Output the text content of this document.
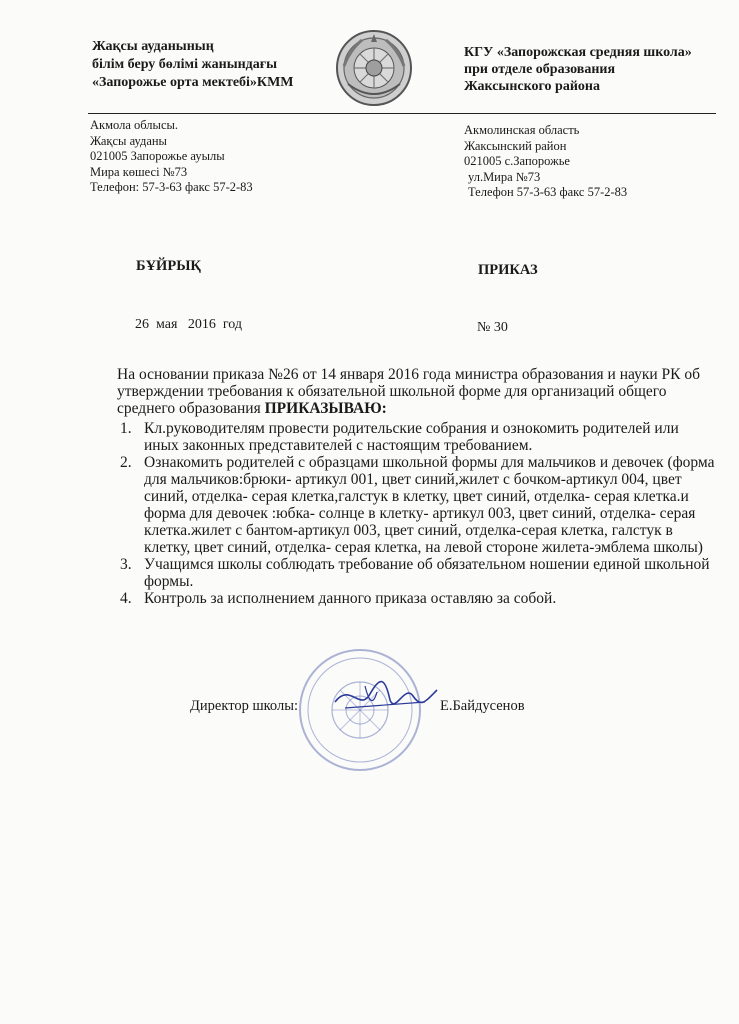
Жақсы ауданының
білім беру бөлімі жанындағы
«Запорожье орта мектебі»КММ
КГУ «Запорожская средняя школа»
при отделе образования
Жаксынского района
Акмола облысы.
Жақсы ауданы
021005 Запорожье ауылы
Мира көшесі №73
Телефон: 57-3-63 факс 57-2-83
Акмолинская область
Жаксынский район
021005 с.Запорожье
ул.Мира №73
Телефон 57-3-63 факс 57-2-83
БҰЙРЫҚ	ПРИКАЗ
26  мая   2016  год	№ 30
На основании приказа №26 от 14 января 2016 года министра образования и науки РК об утверждении требования к обязательной школьной форме для организаций общего среднего образования ПРИКАЗЫВАЮ:
1. Кл.руководителям провести родительские собрания и ознокомить родителей или иных законных представителей с настоящим требованием.
2. Ознакомить родителей с образцами школьной формы для мальчиков и девочек (форма для мальчиков:брюки- артикул 001, цвет синий,жилет с бочком-артикул 004, цвет синий, отделка- серая клетка,галстук в клетку, цвет синий, отделка- серая клетка.и форма для девочек :юбка- солнце в клетку- артикул 003, цвет синий, отделка- серая клетка.жилет с бантом-артикул 003, цвет синий, отделка-серая клетка, галстук в клетку, цвет синий, отделка- серая клетка, на левой стороне жилета-эмблема школы)
3. Учащимся школы соблюдать требование об обязательном ношении единой школьной формы.
4. Контроль за исполнением данного приказа оставляю за собой.
Директор школы:	Е.Байдусенов
